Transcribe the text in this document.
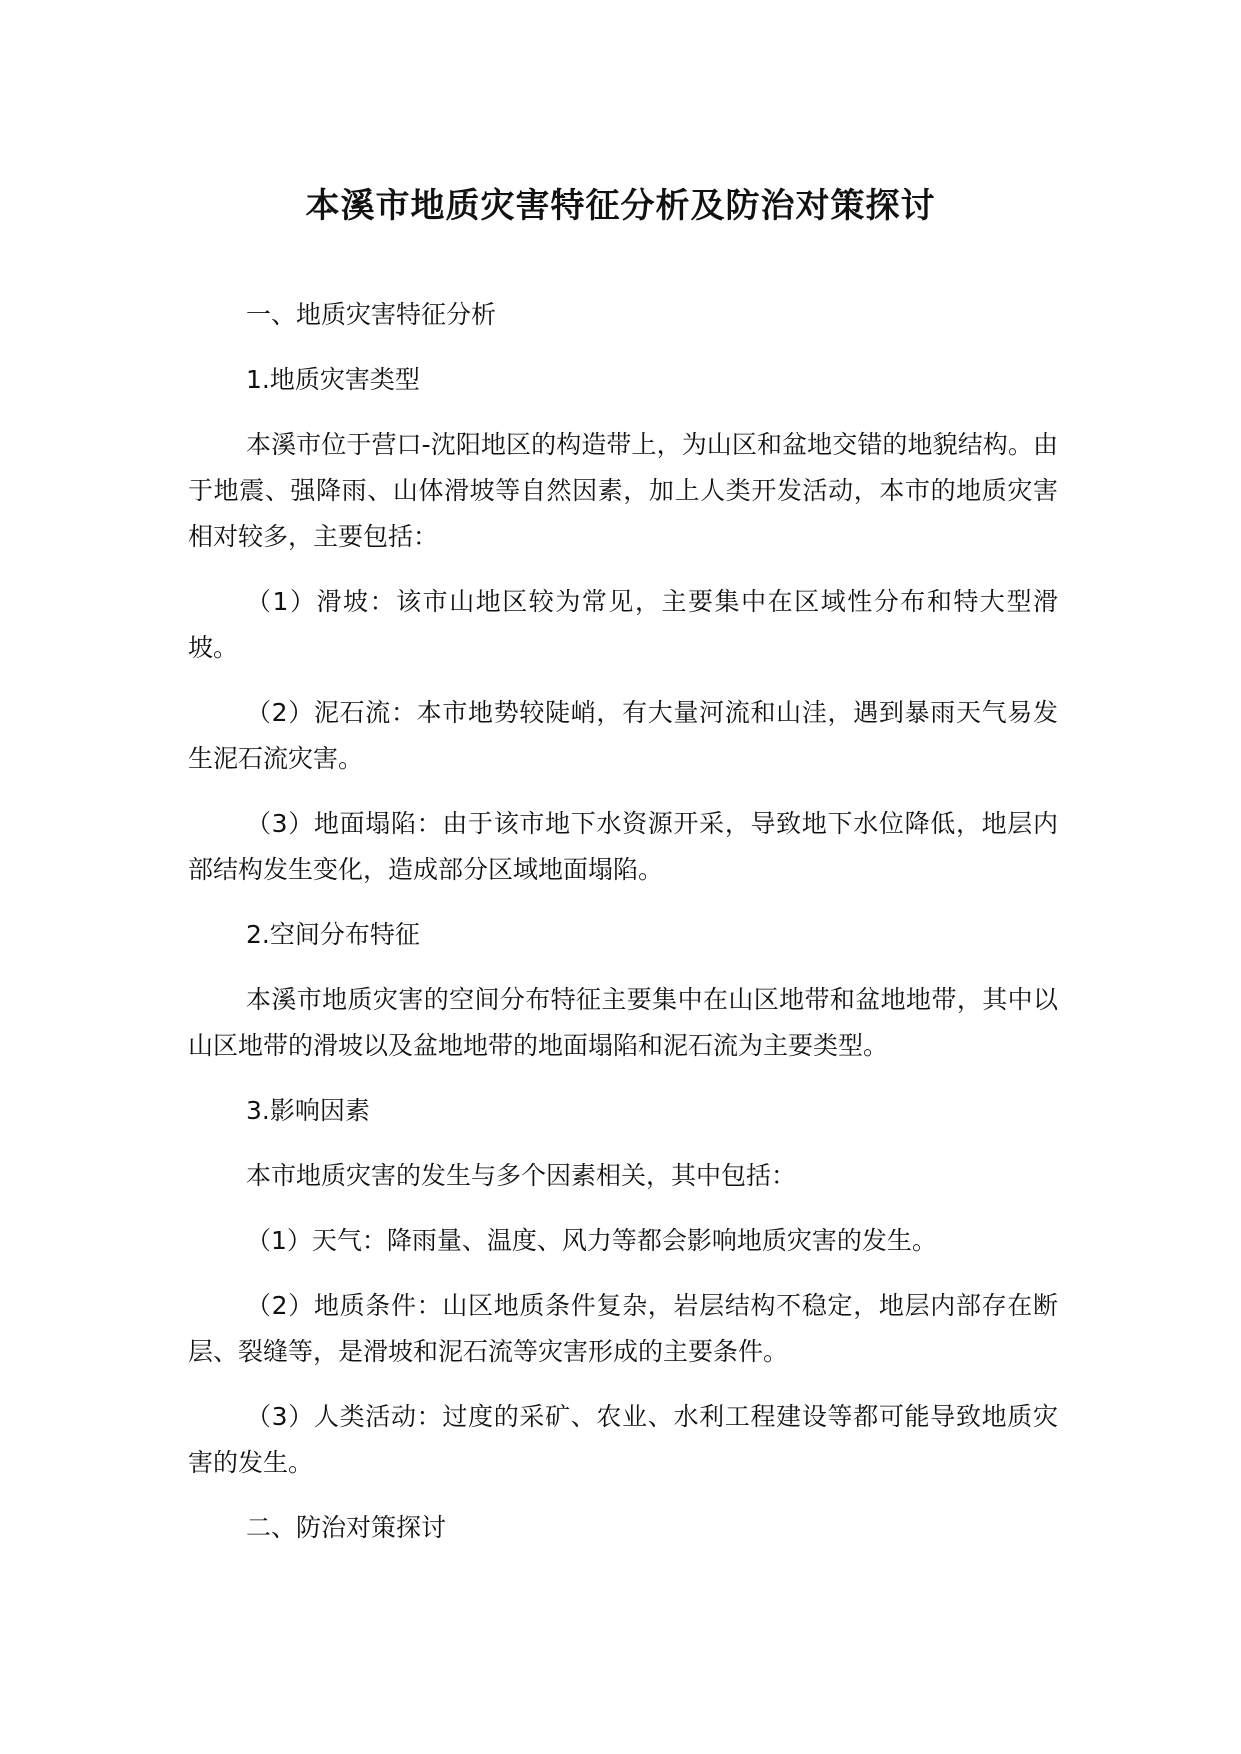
本溪市地质灾害特征分析及防治对策探讨

一、地质灾害特征分析

1.地质灾害类型

本溪市位于营口-沈阳地区的构造带上，为山区和盆地交错的地貌结构。由于地震、强降雨、山体滑坡等自然因素，加上人类开发活动，本市的地质灾害相对较多，主要包括：

（1）滑坡：该市山地区较为常见，主要集中在区域性分布和特大型滑坡。

（2）泥石流：本市地势较陡峭，有大量河流和山洼，遇到暴雨天气易发生泥石流灾害。

（3）地面塌陷：由于该市地下水资源开采，导致地下水位降低，地层内部结构发生变化，造成部分区域地面塌陷。

2.空间分布特征

本溪市地质灾害的空间分布特征主要集中在山区地带和盆地地带，其中以山区地带的滑坡以及盆地地带的地面塌陷和泥石流为主要类型。

3.影响因素

本市地质灾害的发生与多个因素相关，其中包括：

（1）天气：降雨量、温度、风力等都会影响地质灾害的发生。

（2）地质条件：山区地质条件复杂，岩层结构不稳定，地层内部存在断层、裂缝等，是滑坡和泥石流等灾害形成的主要条件。

（3）人类活动：过度的采矿、农业、水利工程建设等都可能导致地质灾害的发生。

二、防治对策探讨
